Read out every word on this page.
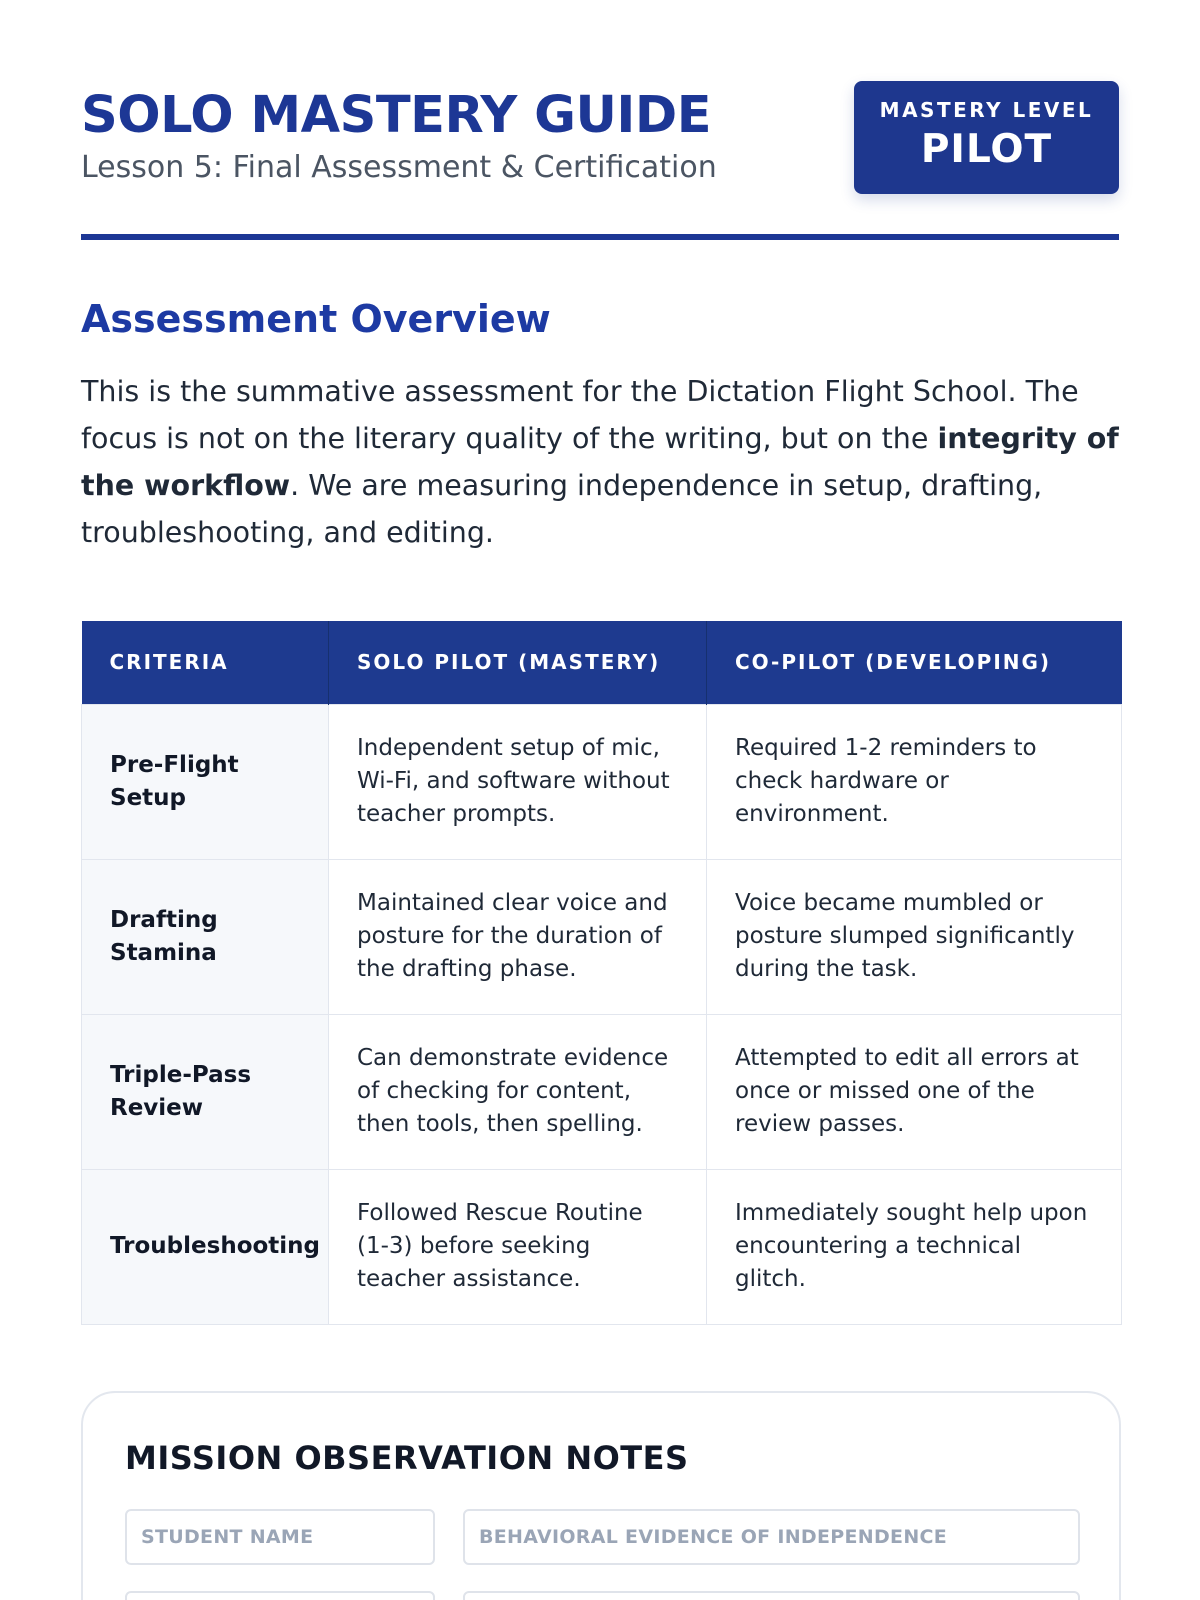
SOLO MASTERY GUIDE
Lesson 5: Final Assessment & Certification
MASTERY LEVEL
PILOT
Assessment Overview

This is the summative assessment for the Dictation Flight School. The focus is not on the literary quality of the writing, but on the integrity of the workflow. We are measuring independence in setup, drafting, troubleshooting, and editing.

CRITERIA	SOLO PILOT (MASTERY)	CO-PILOT (DEVELOPING)
Pre-Flight Setup	Independent setup of mic, Wi-Fi, and software without teacher prompts.	Required 1-2 reminders to check hardware or environment.
Drafting Stamina	Maintained clear voice and posture for the duration of the drafting phase.	Voice became mumbled or posture slumped significantly during the task.
Triple-Pass Review	Can demonstrate evidence of checking for content, then tools, then spelling.	Attempted to edit all errors at once or missed one of the review passes.
Troubleshooting	Followed Rescue Routine (1-3) before seeking teacher assistance.	Immediately sought help upon encountering a technical glitch.
MISSION OBSERVATION NOTES
STUDENT NAME
BEHAVIORAL EVIDENCE OF INDEPENDENCE
